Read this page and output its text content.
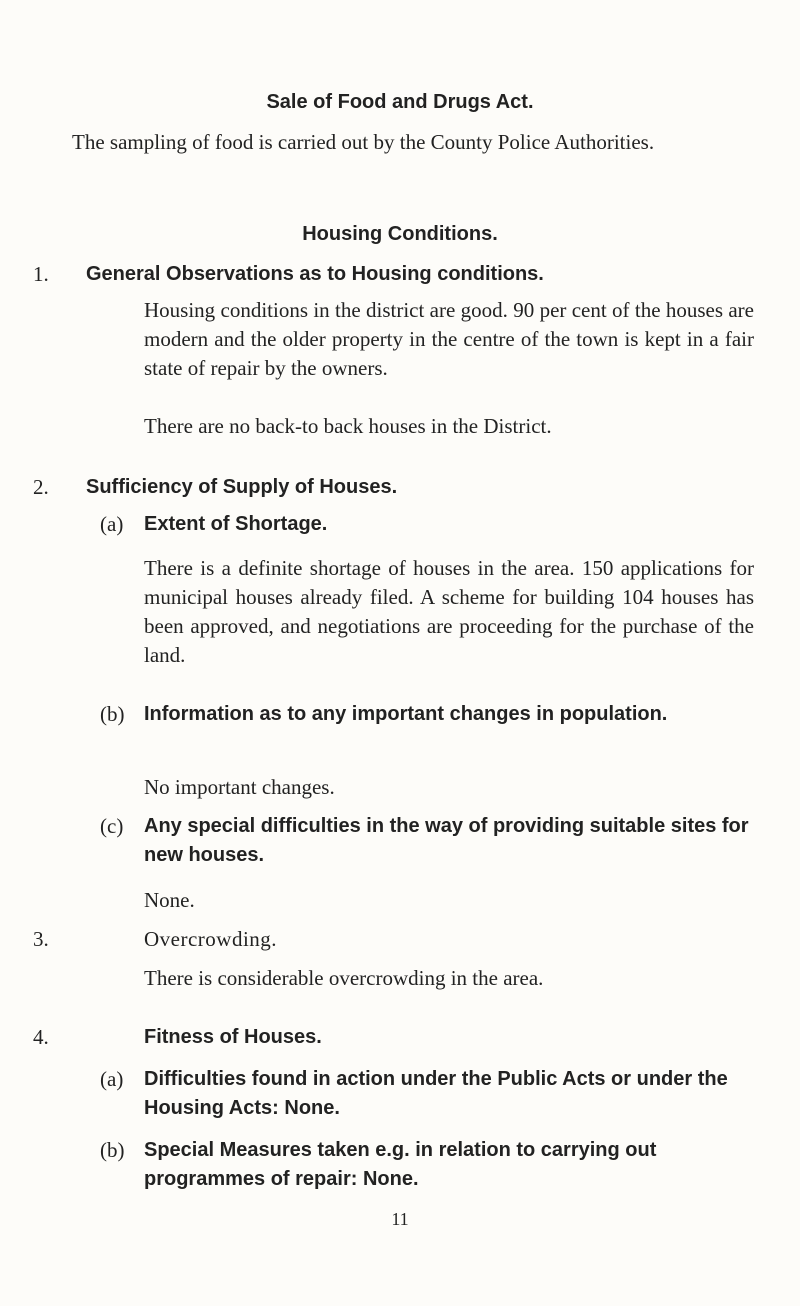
Sale of Food and Drugs Act.

The sampling of food is carried out by the County Police Authorities.

Housing Conditions.
1.	General Observations as to Housing conditions.

Housing conditions in the district are good. 90 per cent of the houses are modern and the older property in the centre of the town is kept in a fair state of repair by the owners.

There are no back-to back houses in the District.

2.	Sufficiency of Supply of Houses.
(a)	Extent of Shortage.

There is a definite shortage of houses in the area. 150 applications for municipal houses already filed. A scheme for building 104 houses has been approved, and negotiations are proceeding for the purchase of the land.

(b) Information as to any important changes in population.

No important changes.

(c)	Any special difficulties in the way of providing suitable sites for new houses.

None.

3.	Overcrowding.

There is considerable overcrowding in the area.

4.	Fitness of Houses.
(a)	Difficulties found in action under the Public Acts or under the Housing Acts: None.
(b) Special Measures taken e.g. in relation to carrying out programmes of repair: None.
11
